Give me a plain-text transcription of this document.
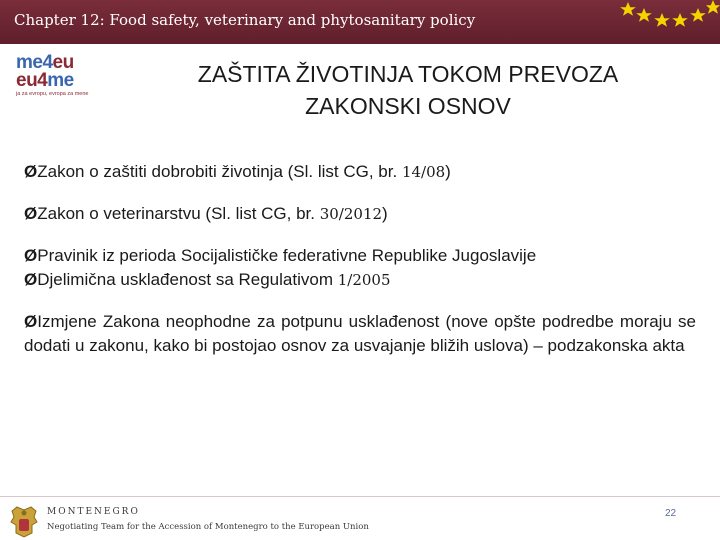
Chapter 12: Food safety, veterinary and phytosanitary policy
me4eu
eu4me
ja za evropu, evropa za mene
ZAŠTITA ŽIVOTINJA TOKOM PREVOZA
ZAKONSKI OSNOV
ØZakon o zaštiti dobrobiti životinja (Sl. list CG, br. 14/08)
ØZakon o veterinarstvu (Sl. list CG, br. 30/2012)
ØPravinik iz perioda Socijalističke federativne Republike Jugoslavije
ØDjelimična usklađenost sa Regulativom 1/2005
ØIzmjene Zakona neophodne za potpunu usklađenost (nove opšte podredbe moraju se dodati u zakonu, kako bi postojao osnov za usvajanje bližih uslova) – podzakonska akta
MONTENEGRO
Negotiating Team for the Accession of Montenegro to the European Union
22
